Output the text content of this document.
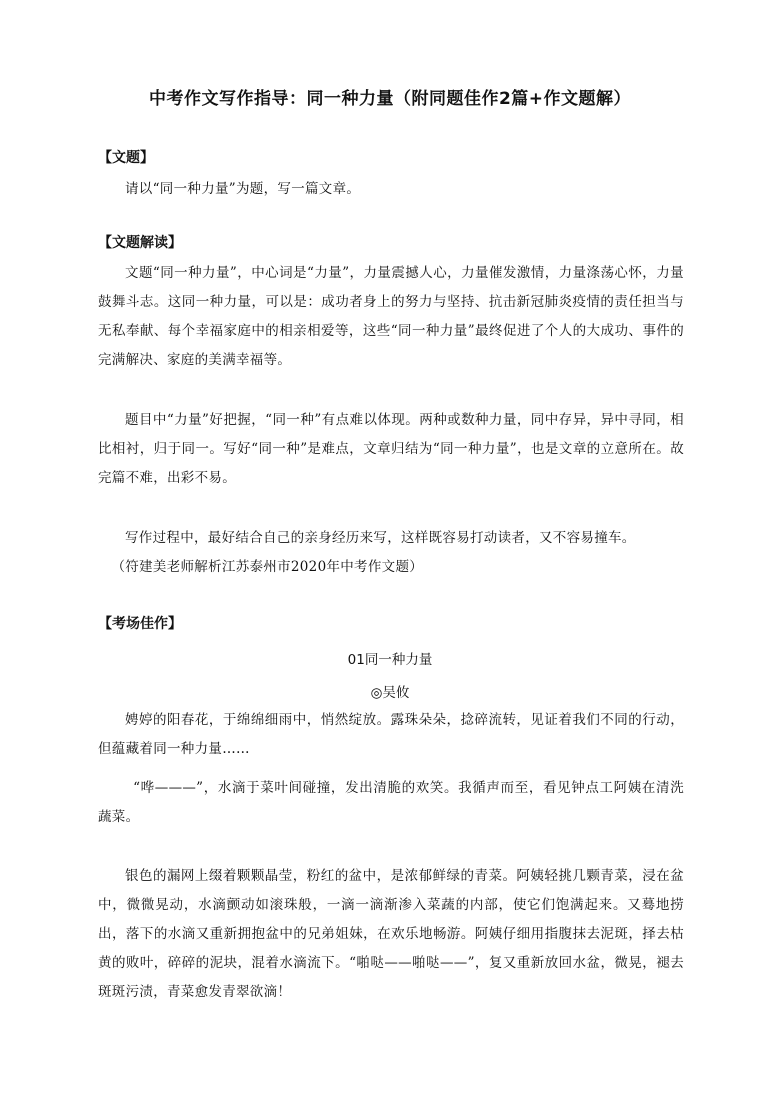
中考作文写作指导：同一种力量（附同题佳作2篇+作文题解）
【文题】

请以“同一种力量”为题，写一篇文章。

【文题解读】

文题“同一种力量”，中心词是“力量”，力量震撼人心，力量催发激情，力量涤荡心怀，力量鼓舞斗志。这同一种力量，可以是：成功者身上的努力与坚持、抗击新冠肺炎疫情的责任担当与无私奉献、每个幸福家庭中的相亲相爱等，这些“同一种力量”最终促进了个人的大成功、事件的完满解决、家庭的美满幸福等。

题目中“力量”好把握，“同一种”有点难以体现。两种或数种力量，同中存异，异中寻同，相比相衬，归于同一。写好“同一种”是难点，文章归结为“同一种力量”，也是文章的立意所在。故完篇不难，出彩不易。

写作过程中，最好结合自己的亲身经历来写，这样既容易打动读者，又不容易撞车。

（符建美老师解析江苏泰州市2020年中考作文题）

【考场佳作】
01同一种力量
◎吴攸

娉婷的阳春花，于绵绵细雨中，悄然绽放。露珠朵朵，捻碎流转，见证着我们不同的行动，但蕴藏着同一种力量……

“哗———”，水滴于菜叶间碰撞，发出清脆的欢笑。我循声而至，看见钟点工阿姨在清洗蔬菜。

银色的漏网上缀着颗颗晶莹，粉红的盆中，是浓郁鲜绿的青菜。阿姨轻挑几颗青菜，浸在盆中，微微晃动，水滴颤动如滚珠般，一滴一滴渐渗入菜蔬的内部，使它们饱满起来。又蓦地捞出，落下的水滴又重新拥抱盆中的兄弟姐妹，在欢乐地畅游。阿姨仔细用指腹抹去泥斑，择去枯黄的败叶，碎碎的泥块，混着水滴流下。“啪哒——啪哒——”，复又重新放回水盆，微晃，褪去斑斑污渍，青菜愈发青翠欲滴！
